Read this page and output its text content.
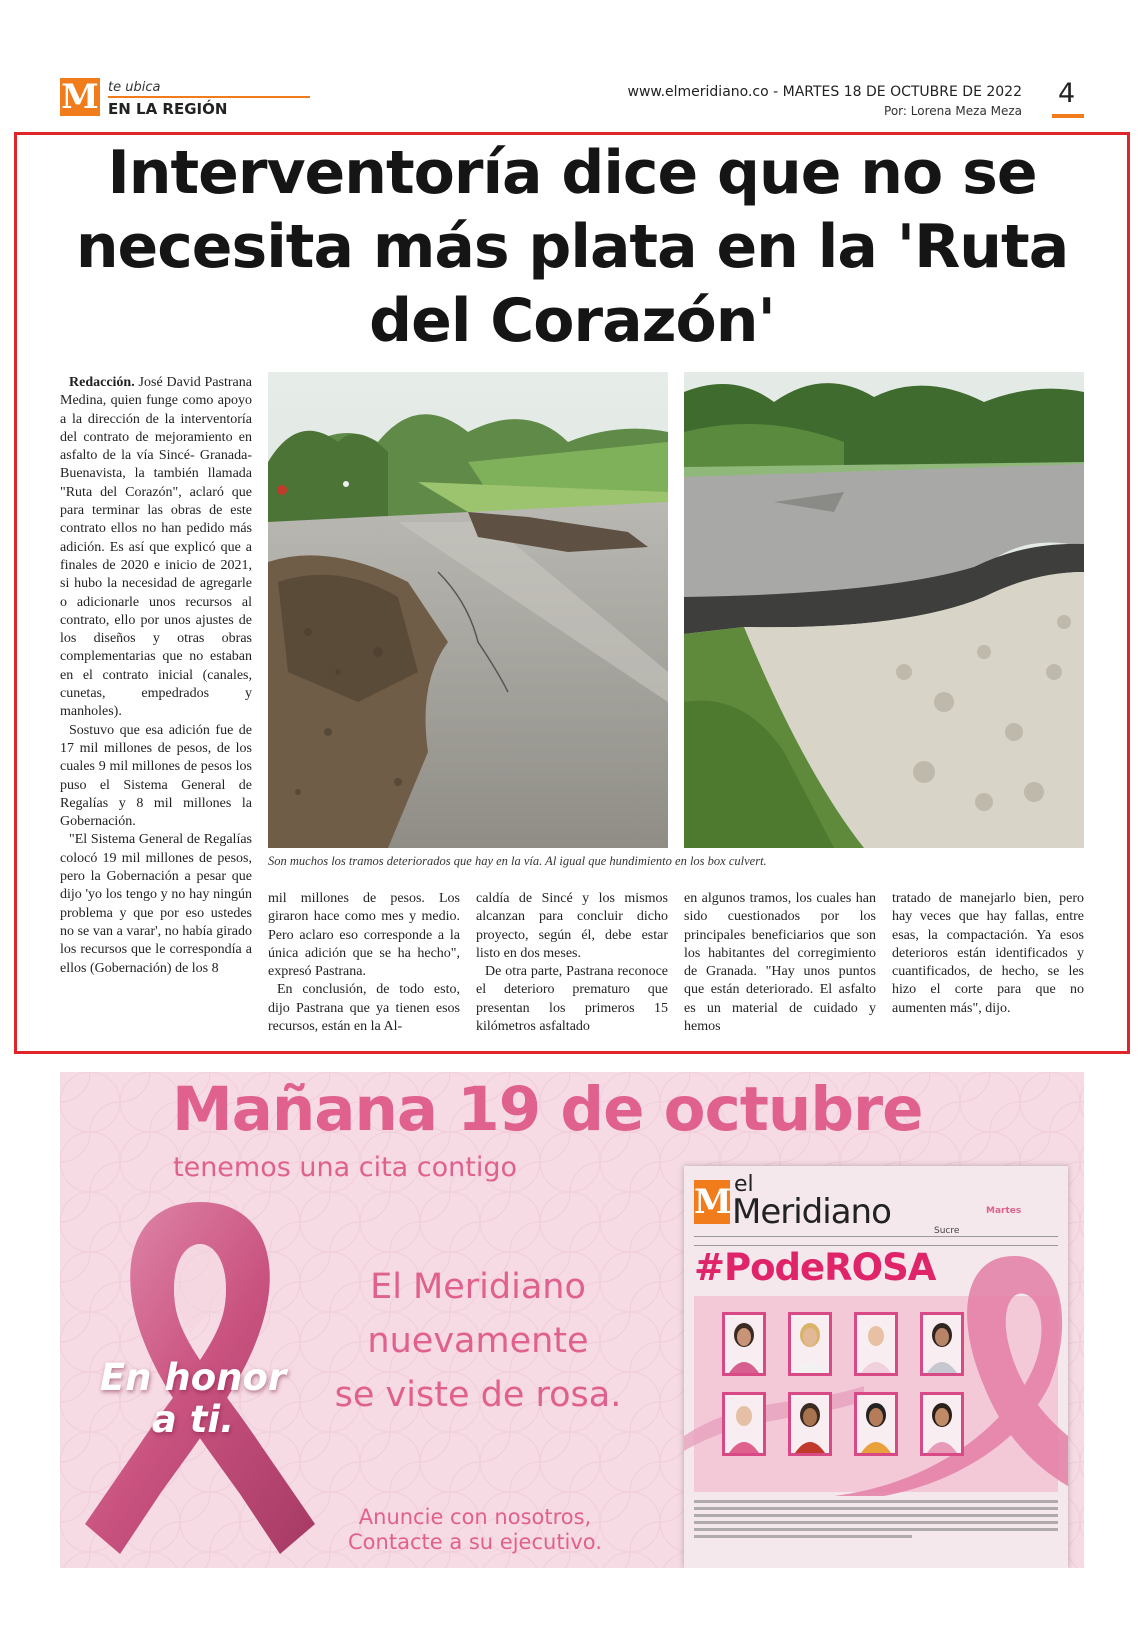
M te ubica
EN LA REGIÓN
www.elmeridiano.co - MARTES 18 DE OCTUBRE DE 2022
Por: Lorena Meza Meza
4
Interventoría dice que no se necesita más plata en la 'Ruta del Corazón'

Redacción. José David Pastrana Medina, quien funge como apoyo a la dirección de la interventoría del contrato de mejoramiento en asfalto de la vía Sincé- Granada- Buenavista, la también llamada "Ruta del Corazón", aclaró que para terminar las obras de este contrato ellos no han pedido más adición. Es así que explicó que a finales de 2020 e inicio de 2021, si hubo la necesidad de agregarle o adicionarle unos recursos al contrato, ello por unos ajustes de los diseños y otras obras complementarias que no estaban en el contrato inicial (canales, cunetas, empedrados y manholes).

Sostuvo que esa adición fue de 17 mil millones de pesos, de los cuales 9 mil millones de pesos los puso el Sistema General de Regalías y 8 mil millones la Gobernación.

"El Sistema General de Regalías colocó 19 mil millones de pesos, pero la Gobernación a pesar que dijo 'yo los tengo y no hay ningún problema y que por eso ustedes no se van a varar', no había girado los recursos que le correspondía a ellos (Gobernación) de los 8

Son muchos los tramos deteriorados que hay en la vía. Al igual que hundimiento en los box culvert.

mil millones de pesos. Los giraron hace como mes y medio. Pero aclaro eso corresponde a la única adición que se ha hecho", expresó Pastrana.

En conclusión, de todo esto, dijo Pastrana que ya tienen esos recursos, están en la Al-

caldía de Sincé y los mismos alcanzan para concluir dicho proyecto, según él, debe estar listo en dos meses.

De otra parte, Pastrana reconoce el deterioro prematuro que presentan los primeros 15 kilómetros asfaltado

en algunos tramos, los cuales han sido cuestionados por los principales beneficiarios que son los habitantes del corregimiento de Granada. "Hay unos puntos que están deteriorado. El asfalto es un material de cuidado y hemos

tratado de manejarlo bien, pero hay veces que hay fallas, entre esas, la compactación. Ya esos deterioros están identificados y cuantificados, de hecho, se les hizo el corte para que no aumenten más", dijo.

Mañana 19 de octubre
tenemos una cita contigo
En honor
a ti.
El Meridiano
nuevamente
se viste de rosa.
Anuncie con nosotros,
Contacte a su ejecutivo.
M el
Meridiano	Sucre
Martes
#PodeROSA
